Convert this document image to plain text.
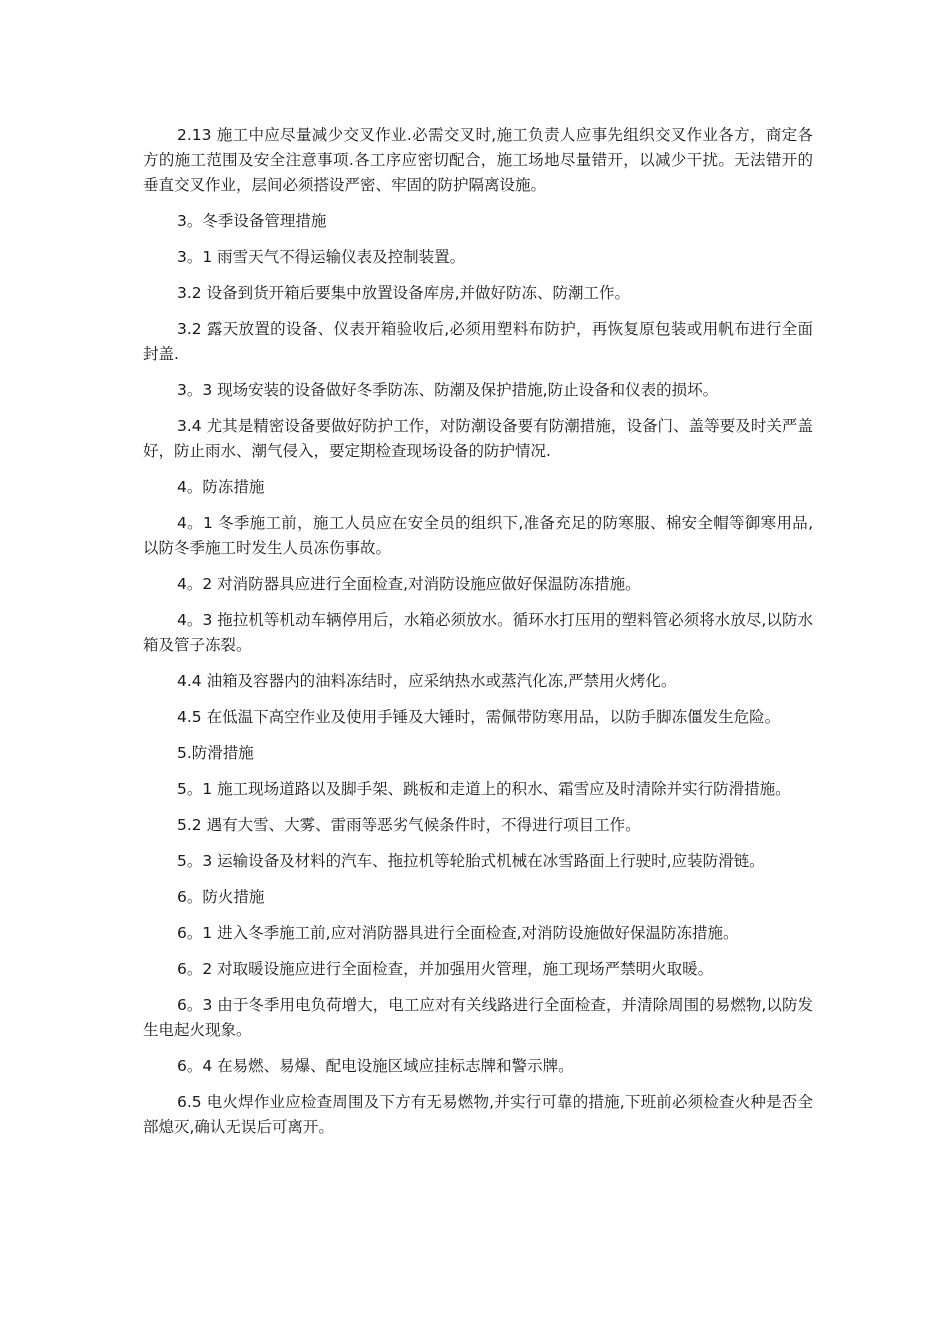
2.13 施工中应尽量减少交叉作业.必需交叉时,施工负责人应事先组织交叉作业各方，商定各方的施工范围及安全注意事项.各工序应密切配合，施工场地尽量错开，以减少干扰。无法错开的垂直交叉作业，层间必须搭设严密、牢固的防护隔离设施。

3。冬季设备管理措施

3。1 雨雪天气不得运输仪表及控制装置。

3.2 设备到货开箱后要集中放置设备库房,并做好防冻、防潮工作。

3.2 露天放置的设备、仪表开箱验收后,必须用塑料布防护，再恢复原包装或用帆布进行全面封盖.

3。3 现场安装的设备做好冬季防冻、防潮及保护措施,防止设备和仪表的损坏。

3.4 尤其是精密设备要做好防护工作，对防潮设备要有防潮措施，设备门、盖等要及时关严盖好，防止雨水、潮气侵入，要定期检查现场设备的防护情况.

4。防冻措施

4。1 冬季施工前，施工人员应在安全员的组织下,准备充足的防寒服、棉安全帽等御寒用品,以防冬季施工时发生人员冻伤事故。

4。2 对消防器具应进行全面检查,对消防设施应做好保温防冻措施。

4。3 拖拉机等机动车辆停用后，水箱必须放水。循环水打压用的塑料管必须将水放尽,以防水箱及管子冻裂。

4.4 油箱及容器内的油料冻结时，应采纳热水或蒸汽化冻,严禁用火烤化。

4.5 在低温下高空作业及使用手锤及大锤时，需佩带防寒用品，以防手脚冻僵发生危险。

5.防滑措施

5。1 施工现场道路以及脚手架、跳板和走道上的积水、霜雪应及时清除并实行防滑措施。

5.2 遇有大雪、大雾、雷雨等恶劣气候条件时，不得进行项目工作。

5。3 运输设备及材料的汽车、拖拉机等轮胎式机械在冰雪路面上行驶时,应装防滑链。

6。防火措施

6。1 进入冬季施工前,应对消防器具进行全面检查,对消防设施做好保温防冻措施。

6。2 对取暖设施应进行全面检查，并加强用火管理，施工现场严禁明火取暖。

6。3 由于冬季用电负荷增大，电工应对有关线路进行全面检查，并清除周围的易燃物,以防发生电起火现象。

6。4 在易燃、易爆、配电设施区域应挂标志牌和警示牌。

6.5 电火焊作业应检查周围及下方有无易燃物,并实行可靠的措施,下班前必须检查火种是否全部熄灭,确认无误后可离开。
